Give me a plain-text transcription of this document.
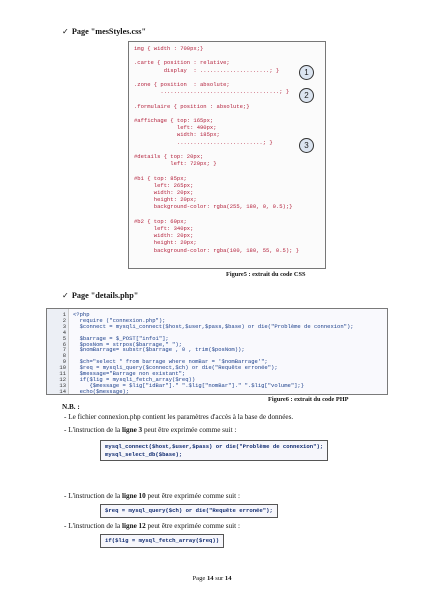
✓ Page "mesStyles.css"
img { width : 700px;}

.carte { position : relative;
display  : .....................; }

.zone { position  : absolute;
....................................; }

.formulaire { position : absolute;}

#affichage { top: 165px;
left: 490px;
width: 185px;
..........................; }

#details { top: 20px;
left: 720px; }

#b1 { top: 85px;
left: 265px;
width: 20px;
height: 20px;
background-color: rgba(255, 180, 0, 0.5);}

#b2 { top: 60px;
left: 340px;
width: 20px;
height: 20px;
background-color: rgba(100, 180, 55, 0.5); }
1
2
3
Figure5 : extrait du code CSS
✓ Page "details.php"
1 <?php
2 require ("connexion.php");
3 $connect = mysqli_connect($host,$user,$pass,$base) or die("Problème de connexion");
4
5 $barrage = $_POST["info1"];
6 $posNom = strpos($barrage," ");
7 $nomBarrage= substr($barrage , 0 , trim($posNom));
8
9 $ch="select * from barrage where nomBar = '$nomBarrage'";
10 $req = mysqli_query($connect,$ch) or die("Requête erronée");
11 $message="Barrage non existant";
12 if($lig = mysqli_fetch_array($req))
13 {$message = $lig["idBar"]." ".$lig["nomBar"]." ".$lig["volume"];}
14 echo($message);
Figure6 : extrait du code PHP
N.B. :
- Le fichier connexion.php contient les paramètres d'accès à la base de données.
- L'instruction de la ligne 3 peut être exprimée comme suit :
mysql_connect($host,$user,$pass) or die("Problème de connexion");
mysql_select_db($base);
- L'instruction de la ligne 10 peut être exprimée comme suit :
$req = mysql_query($ch) or die("Requête erronée");
- L'instruction de la ligne 12 peut être exprimée comme suit :
if($lig = mysql_fetch_array($req))
Page 14 sur 14
